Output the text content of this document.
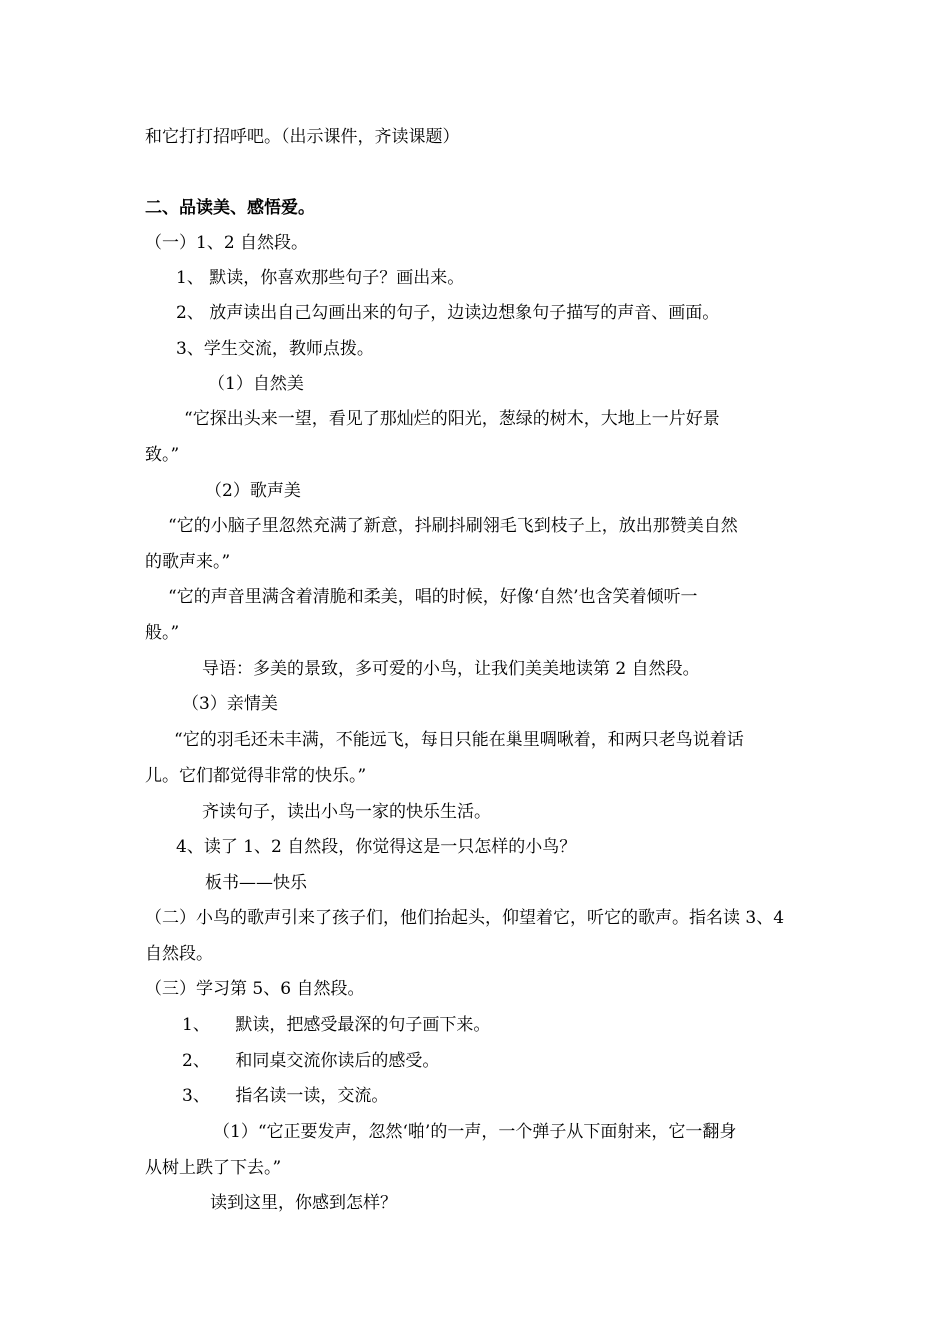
和它打打招呼吧。（出示课件，齐读课题）
二、品读美、感悟爱。
（一）1、2 自然段。
1、 默读，你喜欢那些句子？画出来。
2、 放声读出自己勾画出来的句子，边读边想象句子描写的声音、画面。
3、学生交流，教师点拨。
（1）自然美
“它探出头来一望，看见了那灿烂的阳光，葱绿的树木，大地上一片好景
致。”
（2）歌声美
“它的小脑子里忽然充满了新意，抖刷抖刷翎毛飞到枝子上，放出那赞美自然
的歌声来。”
“它的声音里满含着清脆和柔美，唱的时候，好像‘自然’也含笑着倾听一
般。”
导语：多美的景致，多可爱的小鸟，让我们美美地读第 2 自然段。
（3）亲情美
“它的羽毛还未丰满，不能远飞，每日只能在巢里啁啾着，和两只老鸟说着话
儿。它们都觉得非常的快乐。”
齐读句子，读出小鸟一家的快乐生活。
4、读了 1、2 自然段，你觉得这是一只怎样的小鸟？
板书——快乐
（二）小鸟的歌声引来了孩子们，他们抬起头，仰望着它，听它的歌声。指名读 3、4
自然段。
（三）学习第 5、6 自然段。
1、　　默读，把感受最深的句子画下来。
2、　　和同桌交流你读后的感受。
3、　　指名读一读，交流。
（1）“它正要发声，忽然‘啪’的一声，一个弹子从下面射来，它一翻身
从树上跌了下去。”
读到这里，你感到怎样？
